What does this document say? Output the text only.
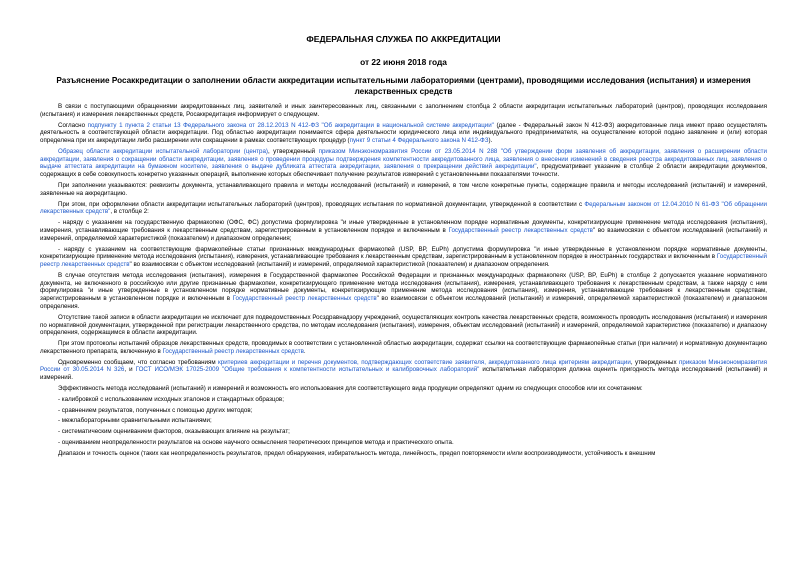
ФЕДЕРАЛЬНАЯ СЛУЖБА ПО АККРЕДИТАЦИИ
от 22 июня 2018 года
Разъяснение Росаккредитации о заполнении области аккредитации испытательными лабораториями (центрами), проводящими исследования (испытания) и измерения лекарственных средств

В связи с поступающими обращениями аккредитованных лиц, заявителей и иных заинтересованных лиц, связанными с заполнением столбца 2 области аккредитации испытательных лабораторий (центров), проводящих исследования (испытания) и измерения лекарственных средств, Росаккредитация информирует о следующем.

Согласно подпункту 1 пункта 2 статьи 13 Федерального закона от 28.12.2013 N 412-ФЗ "Об аккредитации в национальной системе аккредитации" (далее - Федеральный закон N 412-ФЗ) аккредитованные лица имеют право осуществлять деятельность в соответствующей области аккредитации. Под областью аккредитации понимается сфера деятельности юридического лица или индивидуального предпринимателя, на осуществление которой подано заявление и (или) которая определена при их аккредитации либо расширении или сокращении в рамках соответствующих процедур (пункт 9 статьи 4 Федерального закона N 412-ФЗ).

Образец области аккредитации испытательной лаборатории (центра), утвержденный приказом Минэкономразвития России от 23.05.2014 N 288 "Об утверждении форм заявления об аккредитации, заявления о расширении области аккредитации, заявления о сокращении области аккредитации, заявления о проведении процедуры подтверждения компетентности аккредитованного лица, заявления о внесении изменений в сведения реестра аккредитованных лиц, заявления о выдаче аттестата аккредитации на бумажном носителе, заявления о выдаче дубликата аттестата аккредитации, заявления о прекращении действий аккредитации", предусматривает указание в столбце 2 области аккредитации документов, содержащих в себе совокупность конкретно указанных операций, выполнение которых обеспечивает получение результатов измерений с установленными показателями точности.

При заполнении указываются: реквизиты документа, устанавливающего правила и методы исследований (испытаний) и измерений, в том числе конкретные пункты, содержащие правила и методы исследований (испытаний) и измерений, заявленные на аккредитацию.

При этом, при оформлении области аккредитации испытательных лабораторий (центров), проводящих испытания по нормативной документации, утвержденной в соответствии с Федеральным законом от 12.04.2010 N 61-ФЗ "Об обращении лекарственных средств", в столбце 2:

- наряду с указанием на государственную фармакопею (ОФС, ФС) допустима формулировка "и иные утвержденные в установленном порядке нормативные документы, конкретизирующие применение метода исследования (испытания), измерения, устанавливающие требования к лекарственным средствам, зарегистрированным в установленном порядке и включенным в Государственный реестр лекарственных средств" во взаимосвязи с объектом исследований (испытаний) и измерений, определяемой характеристикой (показателем) и диапазоном определения;

- наряду с указанием на соответствующие фармакопейные статьи признанных международных фармакопей (USP, BP, EuPh) допустима формулировка "и иные утвержденные в установленном порядке нормативные документы, конкретизирующие применение метода исследования (испытания), измерения, устанавливающие требования к лекарственным средствам, зарегистрированным в установленном порядке в иностранных государствах и включенным в Государственный реестр лекарственных средств" во взаимосвязи с объектом исследований (испытаний) и измерений, определяемой характеристикой (показателем) и диапазоном определения.

В случае отсутствия метода исследования (испытания), измерения в Государственной фармакопее Российской Федерации и признанных международных фармакопеях (USP, BP, EuPh) в столбце 2 допускается указание нормативного документа, не включенного в российскую или другие признанные фармакопеи, конкретизирующего применение метода исследования (испытания), измерения, устанавливающего требования к лекарственным средствам, а также наряду с ним формулировка "и иные утвержденные в установленном порядке нормативные документы, конкретизирующие применение метода исследования (испытания), измерения, устанавливающие требования к лекарственным средствам, зарегистрированным в установленном порядке и включенным в Государственный реестр лекарственных средств" во взаимосвязи с объектом исследований (испытаний) и измерений, определяемой характеристикой (показателем) и диапазоном определения.

Отсутствие такой записи в области аккредитации не исключает для подведомственных Росздравнадзору учреждений, осуществляющих контроль качества лекарственных средств, возможность проводить исследования (испытания) и измерения по нормативной документации, утвержденной при регистрации лекарственного средства, по методам исследования (испытания), измерения, объектам исследований (испытаний) и измерений, определяемой характеристике (показателю) и диапазону определения, содержащимся в области аккредитации.

При этом протоколы испытаний образцов лекарственных средств, проводимых в соответствии с установленной областью аккредитации, содержат ссылки на соответствующие фармакопейные статьи (при наличии) и нормативную документацию лекарственного препарата, включенную в Государственный реестр лекарственных средств.

Одновременно сообщаем, что согласно требованиям критериев аккредитации и перечня документов, подтверждающих соответствие заявителя, аккредитованного лица критериям аккредитации, утвержденных приказом Минэкономразвития России от 30.05.2014 N 326, и ГОСТ ИСО/МЭК 17025-2009 "Общие требования к компетентности испытательных и калибровочных лабораторий" испытательная лаборатория должна оценить пригодность метода исследований (испытаний) и измерений.

Эффективность метода исследований (испытаний) и измерений и возможность его использования для соответствующего вида продукции определяют одним из следующих способов или их сочетанием:

- калибровкой с использованием исходных эталонов и стандартных образцов;
- сравнением результатов, полученных с помощью других методов;
- межлабораторными сравнительными испытаниями;
- систематическим оцениванием факторов, оказывающих влияние на результат;
- оцениванием неопределенности результатов на основе научного осмысления теоретических принципов метода и практического опыта.

Диапазон и точность оценок (таких как неопределенность результатов, предел обнаружения, избирательность метода, линейность, предел повторяемости и/или воспроизводимости, устойчивость к внешним
